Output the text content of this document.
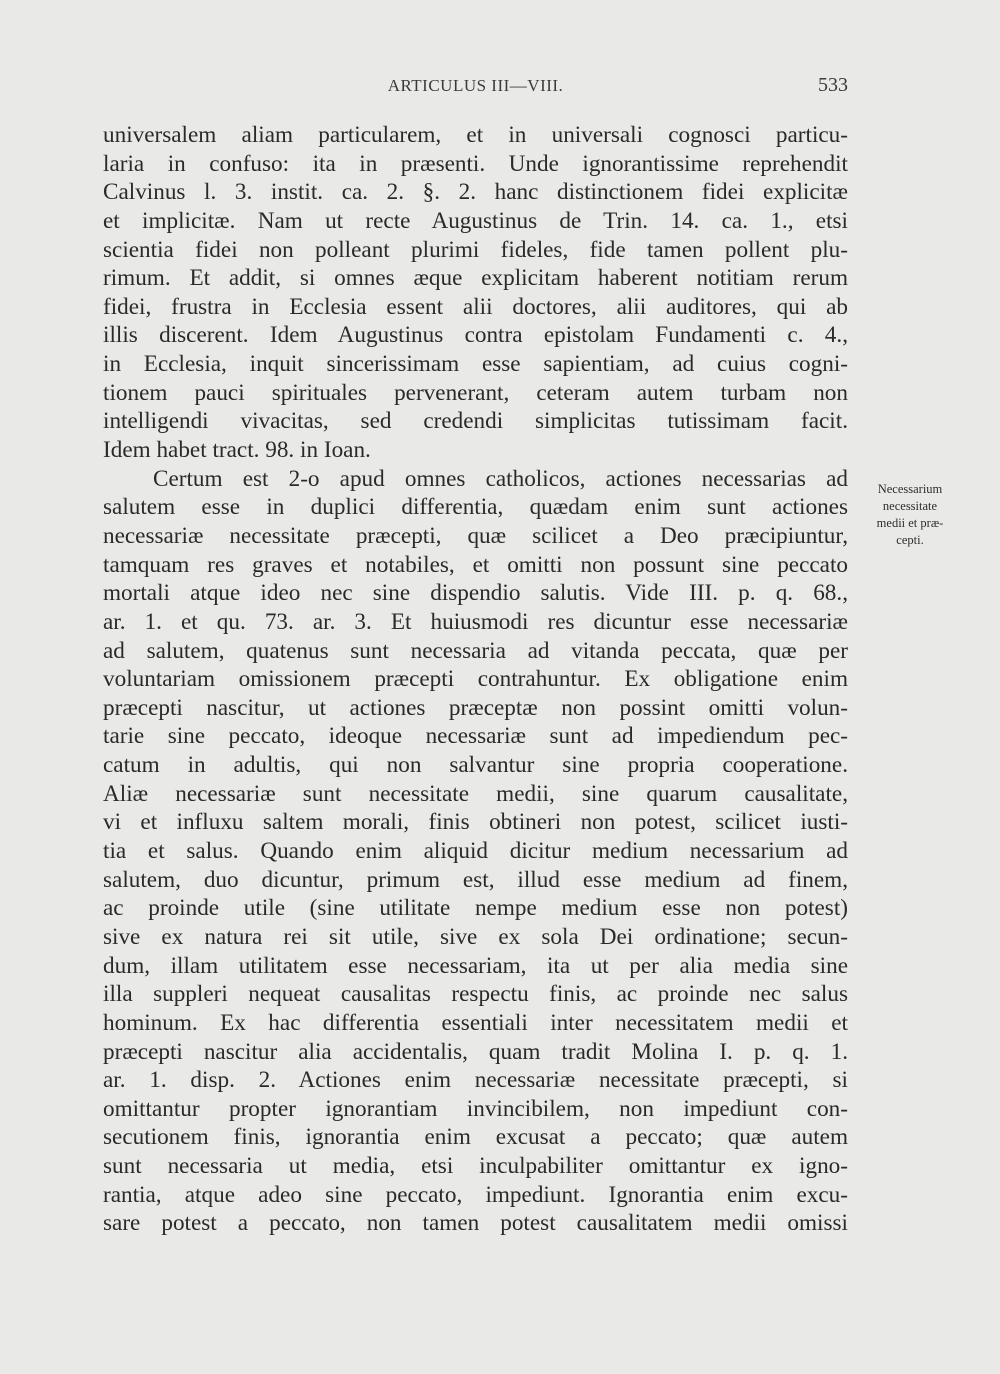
ARTICULUS III—VIII.	533
universalem aliam particularem, et in universali cognosci particu-
laria in confuso: ita in præsenti. Unde ignorantissime reprehendit
Calvinus l. 3. instit. ca. 2. §. 2. hanc distinctionem fidei explicitæ
et implicitæ. Nam ut recte Augustinus de Trin. 14. ca. 1., etsi
scientia fidei non polleant plurimi fideles, fide tamen pollent plu-
rimum. Et addit, si omnes æque explicitam haberent notitiam rerum
fidei, frustra in Ecclesia essent alii doctores, alii auditores, qui ab
illis discerent. Idem Augustinus contra epistolam Fundamenti c. 4.,
in Ecclesia, inquit sincerissimam esse sapientiam, ad cuius cogni-
tionem pauci spirituales pervenerant, ceteram autem turbam non
intelligendi vivacitas, sed credendi simplicitas tutissimam facit.
Idem habet tract. 98. in Ioan.
Certum est 2-o apud omnes catholicos, actiones necessarias ad
salutem esse in duplici differentia, quædam enim sunt actiones
necessariæ necessitate præcepti, quæ scilicet a Deo præcipiuntur,
tamquam res graves et notabiles, et omitti non possunt sine peccato
mortali atque ideo nec sine dispendio salutis. Vide III. p. q. 68.,
ar. 1. et qu. 73. ar. 3. Et huiusmodi res dicuntur esse necessariæ
ad salutem, quatenus sunt necessaria ad vitanda peccata, quæ per
voluntariam omissionem præcepti contrahuntur. Ex obligatione enim
præcepti nascitur, ut actiones præceptæ non possint omitti volun-
tarie sine peccato, ideoque necessariæ sunt ad impediendum pec-
catum in adultis, qui non salvantur sine propria cooperatione.
Aliæ necessariæ sunt necessitate medii, sine quarum causalitate,
vi et influxu saltem morali, finis obtineri non potest, scilicet iusti-
tia et salus. Quando enim aliquid dicitur medium necessarium ad
salutem, duo dicuntur, primum est, illud esse medium ad finem,
ac proinde utile (sine utilitate nempe medium esse non potest)
sive ex natura rei sit utile, sive ex sola Dei ordinatione; secun-
dum, illam utilitatem esse necessariam, ita ut per alia media sine
illa suppleri nequeat causalitas respectu finis, ac proinde nec salus
hominum. Ex hac differentia essentiali inter necessitatem medii et
præcepti nascitur alia accidentalis, quam tradit Molina I. p. q. 1.
ar. 1. disp. 2. Actiones enim necessariæ necessitate præcepti, si
omittantur propter ignorantiam invincibilem, non impediunt con-
secutionem finis, ignorantia enim excusat a peccato; quæ autem
sunt necessaria ut media, etsi inculpabiliter omittantur ex igno-
rantia, atque adeo sine peccato, impediunt. Ignorantia enim excu-
sare potest a peccato, non tamen potest causalitatem medii omissi
Necessarium
necessitate
medii et præ-
cepti.
